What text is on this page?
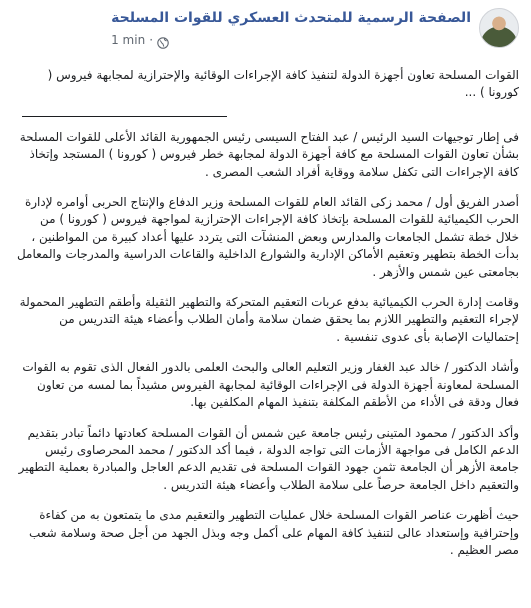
الصفحة الرسمية للمتحدث العسكري للقوات المسلحة
1 min ·

القوات المسلحة تعاون أجهزة الدولة لتنفيذ كافة الإجراءات الوقائية والإحترازية لمجابهة فيروس ( كورونا ) ...

فى إطار توجيهات السيد الرئيس / عبد الفتاح السيسى رئيس الجمهورية القائد الأعلى للقوات المسلحة بشأن تعاون القوات المسلحة مع كافة أجهزة الدولة لمجابهة خطر فيروس ( كورونا ) المستجد وإتخاذ كافة الإجراءات التى تكفل سلامة ووقاية أفراد الشعب المصرى .

أصدر الفريق أول / محمد زكى القائد العام للقوات المسلحة وزير الدفاع والإنتاج الحربى أوامره لإدارة الحرب الكيميائية للقوات المسلحة بإتخاذ كافة الإجراءات الإحترازية لمواجهة فيروس ( كورونا ) من خلال خطة تشمل الجامعات والمدارس وبعض المنشآت التى يتردد عليها أعداد كبيرة من المواطنين ، بدأت الخطة بتطهير وتعقيم الأماكن الإدارية والشوارع الداخلية والقاعات الدراسية والمدرجات والمعامل بجامعتى عين شمس والأزهر .

وقامت إدارة الحرب الكيميائية بدفع عربات التعقيم المتحركة والتطهير الثقيلة وأطقم التطهير المحمولة لإجراء التعقيم والتطهير اللازم بما يحقق ضمان سلامة وأمان الطلاب وأعضاء هيئة التدريس من إحتماليات الإصابة بأى عدوى تنفسية .

وأشاد الدكتور / خالد عبد الغفار وزير التعليم العالى والبحث العلمى بالدور الفعال الذى تقوم به القوات المسلحة لمعاونة أجهزة الدولة فى الإجراءات الوقائية لمجابهة الفيروس مشيداً بما لمسه من تعاون فعال ودقة فى الأداء من الأطقم المكلفة بتنفيذ المهام المكلفين بها.

وأكد الدكتور / محمود المتينى رئيس جامعة عين شمس أن القوات المسلحة كعادتها دائماً تبادر بتقديم الدعم الكامل فى مواجهة الأزمات التى تواجه الدولة ، فيما أكد الدكتور / محمد المحرصاوى رئيس جامعة الأزهر أن الجامعة تثمن جهود القوات المسلحة فى تقديم الدعم العاجل والمبادرة بعملية التطهير والتعقيم داخل الجامعة حرصاً على سلامة الطلاب وأعضاء هيئة التدريس .

حيث أظهرت عناصر القوات المسلحة خلال عمليات التطهير والتعقيم مدى ما يتمتعون به من كفاءة وإحترافية وإستعداد عالى لتنفيذ كافة المهام على أكمل وجه وبذل الجهد من أجل صحة وسلامة شعب مصر العظيم .
